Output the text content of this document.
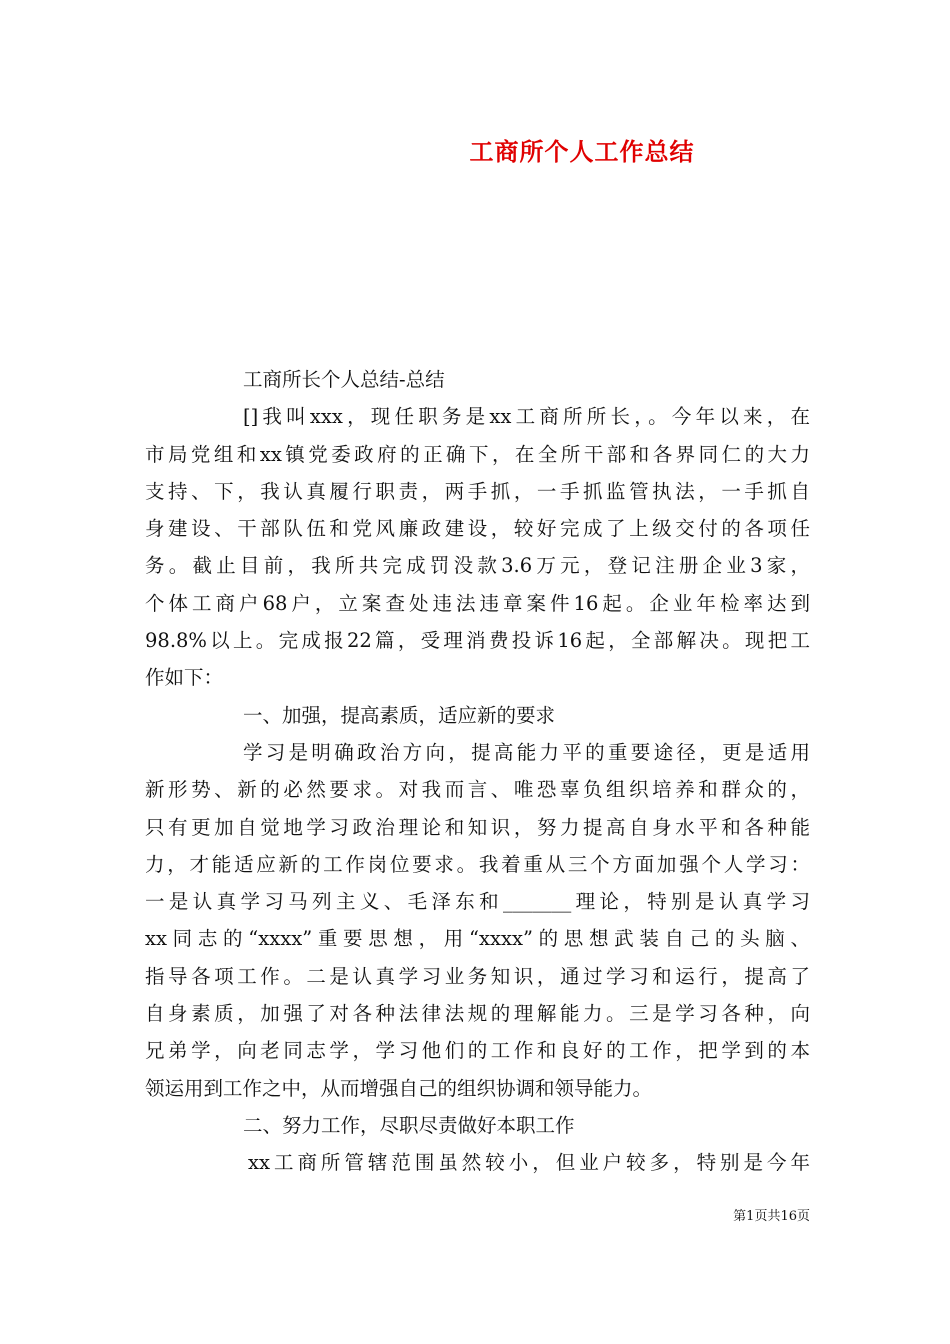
工商所个人工作总结
工商所长个人总结-总结
[]我叫xxx，现任职务是xx工商所所长，。今年以来，在
市局党组和xx镇党委政府的正确下，在全所干部和各界同仁的大力
支持、下，我认真履行职责，两手抓，一手抓监管执法，一手抓自
身建设、干部队伍和党风廉政建设，较好完成了上级交付的各项任
务。截止目前，我所共完成罚没款3.6万元，登记注册企业3家，
个体工商户68户，立案查处违法违章案件16起。企业年检率达到
98.8%以上。完成报22篇，受理消费投诉16起，全部解决。现把工
作如下：
一、加强，提高素质，适应新的要求
学习是明确政治方向，提高能力平的重要途径，更是适用
新形势、新的必然要求。对我而言、唯恐辜负组织培养和群众的，
只有更加自觉地学习政治理论和知识，努力提高自身水平和各种能
力，才能适应新的工作岗位要求。我着重从三个方面加强个人学习：
一是认真学习马列主义、毛泽东和_______理论，特别是认真学习
xx同志的“xxxx”重要思想，用“xxxx”的思想武装自己的头脑、
指导各项工作。二是认真学习业务知识，通过学习和运行，提高了
自身素质，加强了对各种法律法规的理解能力。三是学习各种，向
兄弟学，向老同志学，学习他们的工作和良好的工作，把学到的本
领运用到工作之中，从而增强自己的组织协调和领导能力。
二、努力工作，尽职尽责做好本职工作
xx工商所管辖范围虽然较小，但业户较多，特别是今年
第1页共16页
